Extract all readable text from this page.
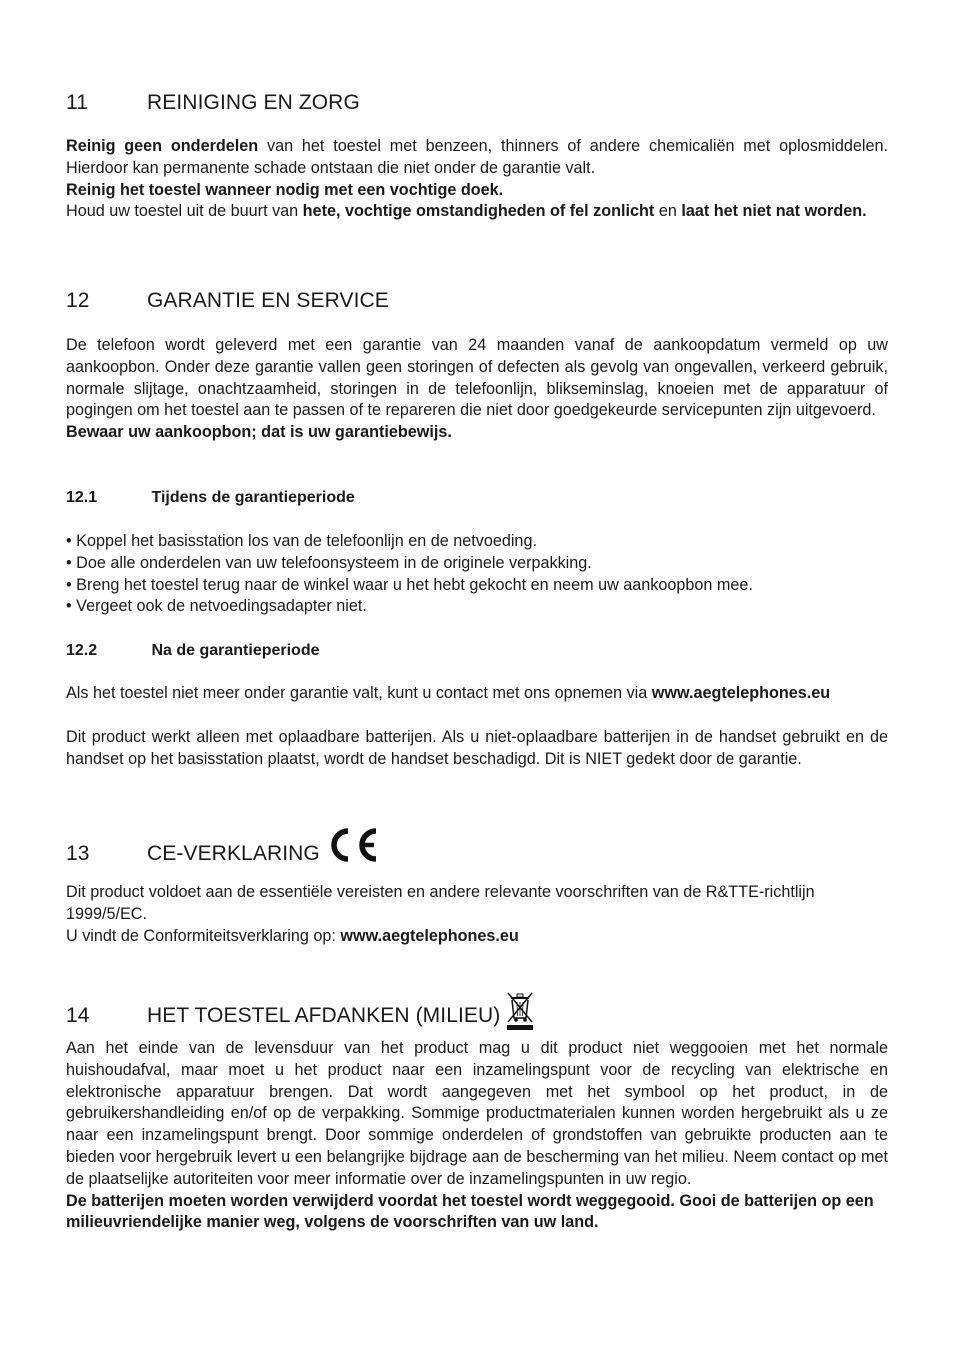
11	REINIGING EN ZORG
Reinig geen onderdelen van het toestel met benzeen, thinners of andere chemicaliën met oplosmiddelen. Hierdoor kan permanente schade ontstaan die niet onder de garantie valt.
Reinig het toestel wanneer nodig met een vochtige doek.
Houd uw toestel uit de buurt van hete, vochtige omstandigheden of fel zonlicht en laat het niet nat worden.
12	GARANTIE EN SERVICE
De telefoon wordt geleverd met een garantie van 24 maanden vanaf de aankoopdatum vermeld op uw aankoopbon. Onder deze garantie vallen geen storingen of defecten als gevolg van ongevallen, verkeerd gebruik, normale slijtage, onachtzaamheid, storingen in de telefoonlijn, blikseminslag, knoeien met de apparatuur of pogingen om het toestel aan te passen of te repareren die niet door goedgekeurde servicepunten zijn uitgevoerd.
Bewaar uw aankoopbon; dat is uw garantiebewijs.
12.1	Tijdens de garantieperiode
• Koppel het basisstation los van de telefoonlijn en de netvoeding.
• Doe alle onderdelen van uw telefoonsysteem in de originele verpakking.
• Breng het toestel terug naar de winkel waar u het hebt gekocht en neem uw aankoopbon mee.
• Vergeet ook de netvoedingsadapter niet.
12.2	Na de garantieperiode
Als het toestel niet meer onder garantie valt, kunt u contact met ons opnemen via www.aegtelephones.eu
Dit product werkt alleen met oplaadbare batterijen. Als u niet-oplaadbare batterijen in de handset gebruikt en de handset op het basisstation plaatst, wordt de handset beschadigd. Dit is NIET gedekt door de garantie.
13	CE-VERKLARING
Dit product voldoet aan de essentiële vereisten en andere relevante voorschriften van de R&TTE-richtlijn 1999/5/EC.
U vindt de Conformiteitsverklaring op: www.aegtelephones.eu
14	HET TOESTEL AFDANKEN (MILIEU)
Aan het einde van de levensduur van het product mag u dit product niet weggooien met het normale huishoudafval, maar moet u het product naar een inzamelingspunt voor de recycling van elektrische en elektronische apparatuur brengen. Dat wordt aangegeven met het symbool op het product, in de gebruikershandleiding en/of op de verpakking. Sommige productmaterialen kunnen worden hergebruikt als u ze naar een inzamelingspunt brengt. Door sommige onderdelen of grondstoffen van gebruikte producten aan te bieden voor hergebruik levert u een belangrijke bijdrage aan de bescherming van het milieu. Neem contact op met de plaatselijke autoriteiten voor meer informatie over de inzamelingspunten in uw regio.
De batterijen moeten worden verwijderd voordat het toestel wordt weggegooid. Gooi de batterijen op een milieuvriendelijke manier weg, volgens de voorschriften van uw land.
